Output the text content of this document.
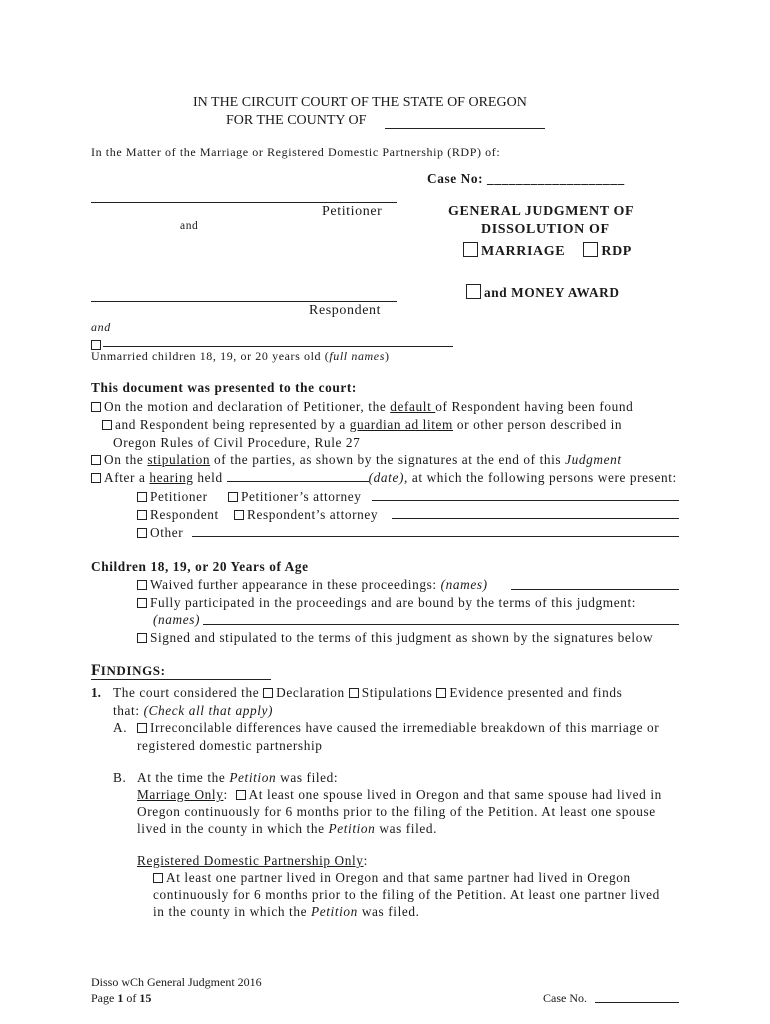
IN THE CIRCUIT COURT OF THE STATE OF OREGON
FOR THE COUNTY OF
In the Matter of the Marriage or Registered Domestic Partnership (RDP) of:
Case No: ___________________
Petitioner
and
Respondent
and
Unmarried children 18, 19, or 20 years old (full names)
GENERAL JUDGMENT OF
DISSOLUTION OF
MARRIAGE	RDP
and MONEY AWARD
This document was presented to the court:
On the motion and declaration of Petitioner, the default of Respondent having been found
and Respondent being represented by a guardian ad litem or other person described in
Oregon Rules of Civil Procedure, Rule 27
On the stipulation of the parties, as shown by the signatures at the end of this Judgment
After a hearing held	(date), at which the following persons were present:
Petitioner	Petitioner’s attorney
Respondent	Respondent’s attorney
Other
Children 18, 19, or 20 Years of Age
Waived further appearance in these proceedings: (names)
Fully participated in the proceedings and are bound by the terms of this judgment:
(names)
Signed and stipulated to the terms of this judgment as shown by the signatures below
FINDINGS:
1. The court considered the Declaration Stipulations Evidence presented and finds
that: (Check all that apply)
A.	Irreconcilable differences have caused the irremediable breakdown of this marriage or
registered domestic partnership
B. At the time the Petition was filed:
Marriage Only:  At least one spouse lived in Oregon and that same spouse had lived in
Oregon continuously for 6 months prior to the filing of the Petition. At least one spouse
lived in the county in which the Petition was filed.
Registered Domestic Partnership Only:
At least one partner lived in Oregon and that same partner had lived in Oregon
continuously for 6 months prior to the filing of the Petition. At least one partner lived
in the county in which the Petition was filed.
Disso wCh General Judgment 2016
Page 1 of 15	Case No.
